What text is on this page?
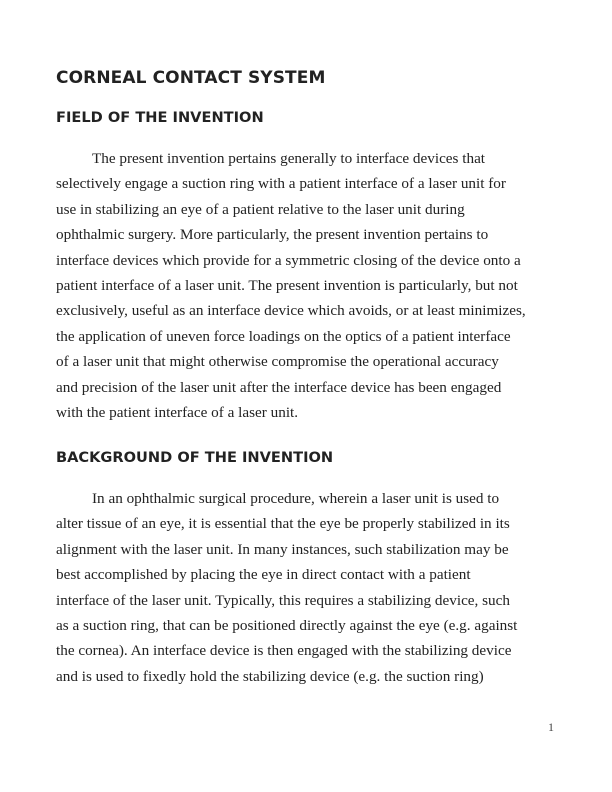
CORNEAL CONTACT SYSTEM
FIELD OF THE INVENTION

The present invention pertains generally to interface devices that
selectively engage a suction ring with a patient interface of a laser unit for
use in stabilizing an eye of a patient relative to the laser unit during
ophthalmic surgery. More particularly, the present invention pertains to
interface devices which provide for a symmetric closing of the device onto a
patient interface of a laser unit. The present invention is particularly, but not
exclusively, useful as an interface device which avoids, or at least minimizes,
the application of uneven force loadings on the optics of a patient interface
of a laser unit that might otherwise compromise the operational accuracy
and precision of the laser unit after the interface device has been engaged
with the patient interface of a laser unit.

BACKGROUND OF THE INVENTION

In an ophthalmic surgical procedure, wherein a laser unit is used to
alter tissue of an eye, it is essential that the eye be properly stabilized in its
alignment with the laser unit. In many instances, such stabilization may be
best accomplished by placing the eye in direct contact with a patient
interface of the laser unit. Typically, this requires a stabilizing device, such
as a suction ring, that can be positioned directly against the eye (e.g. against
the cornea). An interface device is then engaged with the stabilizing device
and is used to fixedly hold the stabilizing device (e.g. the suction ring)

1
